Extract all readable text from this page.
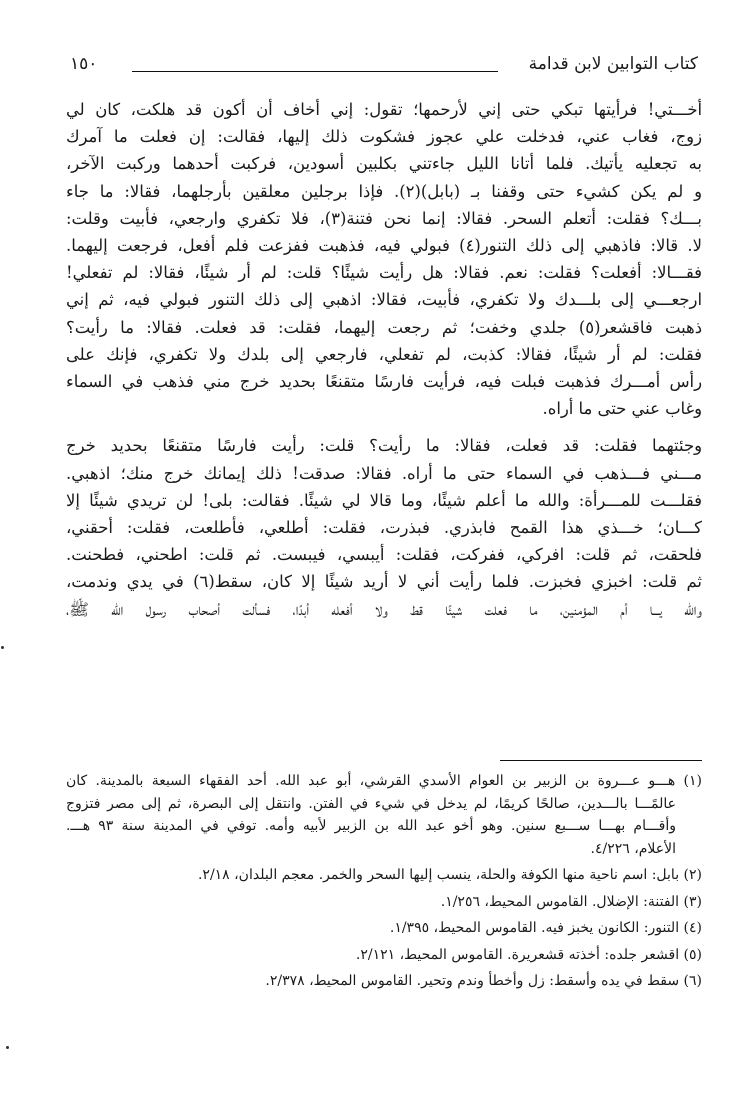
كتاب التوابين لابن قدامة
١٥٠

أخـــتي! فرأيتها تبكي حتى إني لأرحمها؛ تقول: إني أخاف أن أكون قد هلكت، كان لي
زوج، فغاب عني، فدخلت علي عجوز فشكوت ذلك إليها، فقالت: إن فعلت ما آمرك
به تجعليه يأتيك. فلما أتانا الليل جاءتني بكلبين أسودين، فركبت أحدهما وركبت الآخر،
و لم يكن كشيء حتى وقفنا بـ (بابل)(٢). فإذا برجلين معلقين بأرجلهما، فقالا: ما جاء
بـــك؟ فقلت: أتعلم السحر. فقالا: إنما نحن فتنة(٣)، فلا تكفري وارجعي، فأبيت وقلت:
لا. قالا: فاذهبي إلى ذلك التنور(٤) فبولي فيه، فذهبت ففزعت فلم أفعل، فرجعت إليهما.
فقـــالا: أفعلت؟ فقلت: نعم. فقالا: هل رأيت شيئًا؟ قلت: لم أر شيئًا، فقالا: لم تفعلي!
ارجعـــي إلى بلـــدك ولا تكفري، فأبيت، فقالا: اذهبي إلى ذلك التنور فبولي فيه، ثم إني
ذهبت فاقشعر(٥) جلدي وخفت؛ ثم رجعت إليهما، فقلت: قد فعلت. فقالا: ما رأيت؟
فقلت: لم أر شيئًا، فقالا: كذبت، لم تفعلي، فارجعي إلى بلدك ولا تكفري، فإنك على
رأس أمـــرك فذهبت فبلت فيه، فرأيت فارسًا متقنعًا بحديد خرج مني فذهب في السماء
وغاب عني حتى ما أراه.

وجئتهما فقلت: قد فعلت، فقالا: ما رأيت؟ قلت: رأيت فارسًا متقنعًا بحديد خرج
مـــني فـــذهب في السماء حتى ما أراه. فقالا: صدقت! ذلك إيمانك خرج منك؛ اذهبي.
فقلـــت للمـــرأة: والله ما أعلم شيئًا، وما قالا لي شيئًا. فقالت: بلى! لن تريدي شيئًا إلا
كـــان؛ خـــذي هذا القمح فابذري. فبذرت، فقلت: أطلعي، فأطلعت، فقلت: أحقني،
فلحقت، ثم قلت: افركي، ففركت، فقلت: أيبسي، فيبست. ثم قلت: اطحني، فطحنت.
ثم قلت: اخبزي فخبزت. فلما رأيت أني لا أريد شيئًا إلا كان، سقط(٦) في يدي وندمت،
والله يـــا أم المؤمنين، ما فعلت شيئًا قط ولا أفعله أبدًا، فسألت أصحاب رسول الله ﷺ،

(١) هـــو عـــروة بن الزبير بن العوام الأسدي القرشي، أبو عبد الله. أحد الفقهاء السبعة بالمدينة. كان
عالمًـــا بالـــدين، صالحًا كريمًا، لم يدخل في شيء في الفتن. وانتقل إلى البصرة، ثم إلى مصر فتزوج
وأقـــام بهـــا ســـبع سنين. وهو أخو عبد الله بن الزبير لأبيه وأمه. توفي في المدينة سنة ٩٣ هـــ.
الأعلام، ٤/٢٢٦.
(٢) بابل: اسم ناحية منها الكوفة والحلة، ينسب إليها السحر والخمر. معجم البلدان، ٢/١٨.
(٣) الفتنة: الإضلال. القاموس المحيط، ١/٢٥٦.
(٤) التنور: الكانون يخبز فيه. القاموس المحيط، ١/٣٩٥.
(٥) اقشعر جلده: أخذته قشعريرة. القاموس المحيط، ٢/١٢١.
(٦) سقط في يده وأسقط: زل وأخطأ وندم وتحير. القاموس المحيط، ٢/٣٧٨.
